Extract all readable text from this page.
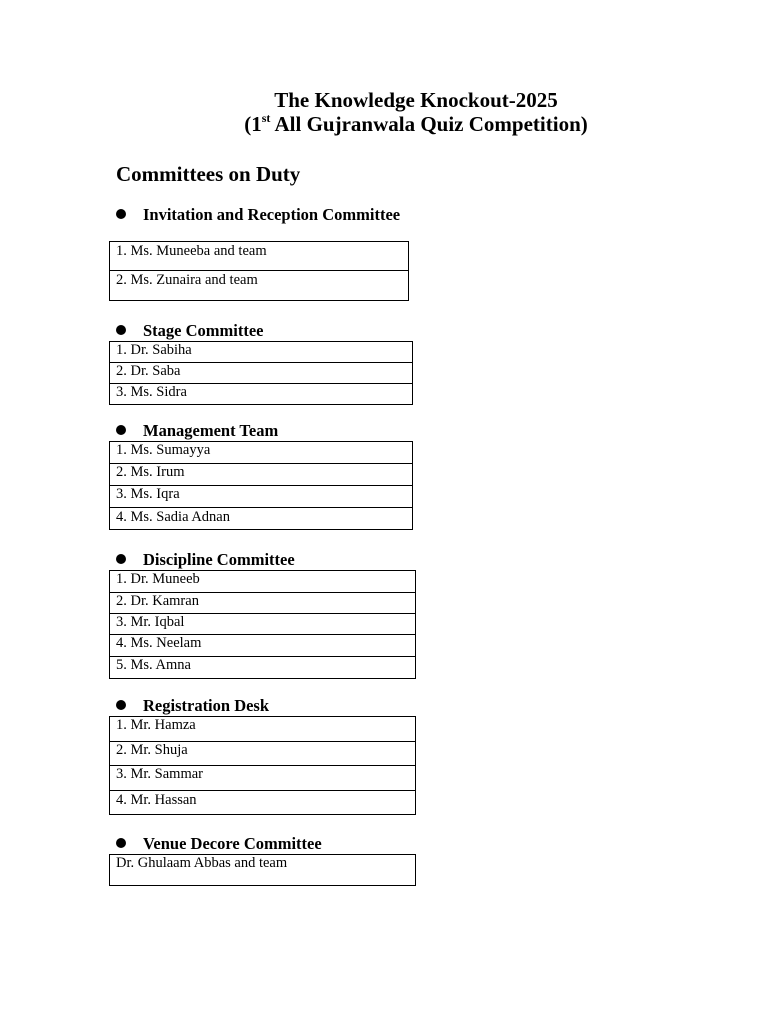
The Knowledge Knockout-2025
(1st All Gujranwala Quiz Competition)
Committees on Duty
Invitation and Reception Committee
1. Ms. Muneeba and team
2. Ms. Zunaira and team
Stage Committee
1. Dr. Sabiha
2. Dr. Saba
3. Ms. Sidra
Management Team
1. Ms. Sumayya
2. Ms. Irum
3. Ms. Iqra
4. Ms. Sadia Adnan
Discipline Committee
1. Dr. Muneeb
2. Dr. Kamran
3. Mr. Iqbal
4. Ms. Neelam
5. Ms. Amna
Registration Desk
1. Mr. Hamza
2. Mr. Shuja
3. Mr. Sammar
4. Mr. Hassan
Venue Decore Committee
Dr. Ghulaam Abbas and team
